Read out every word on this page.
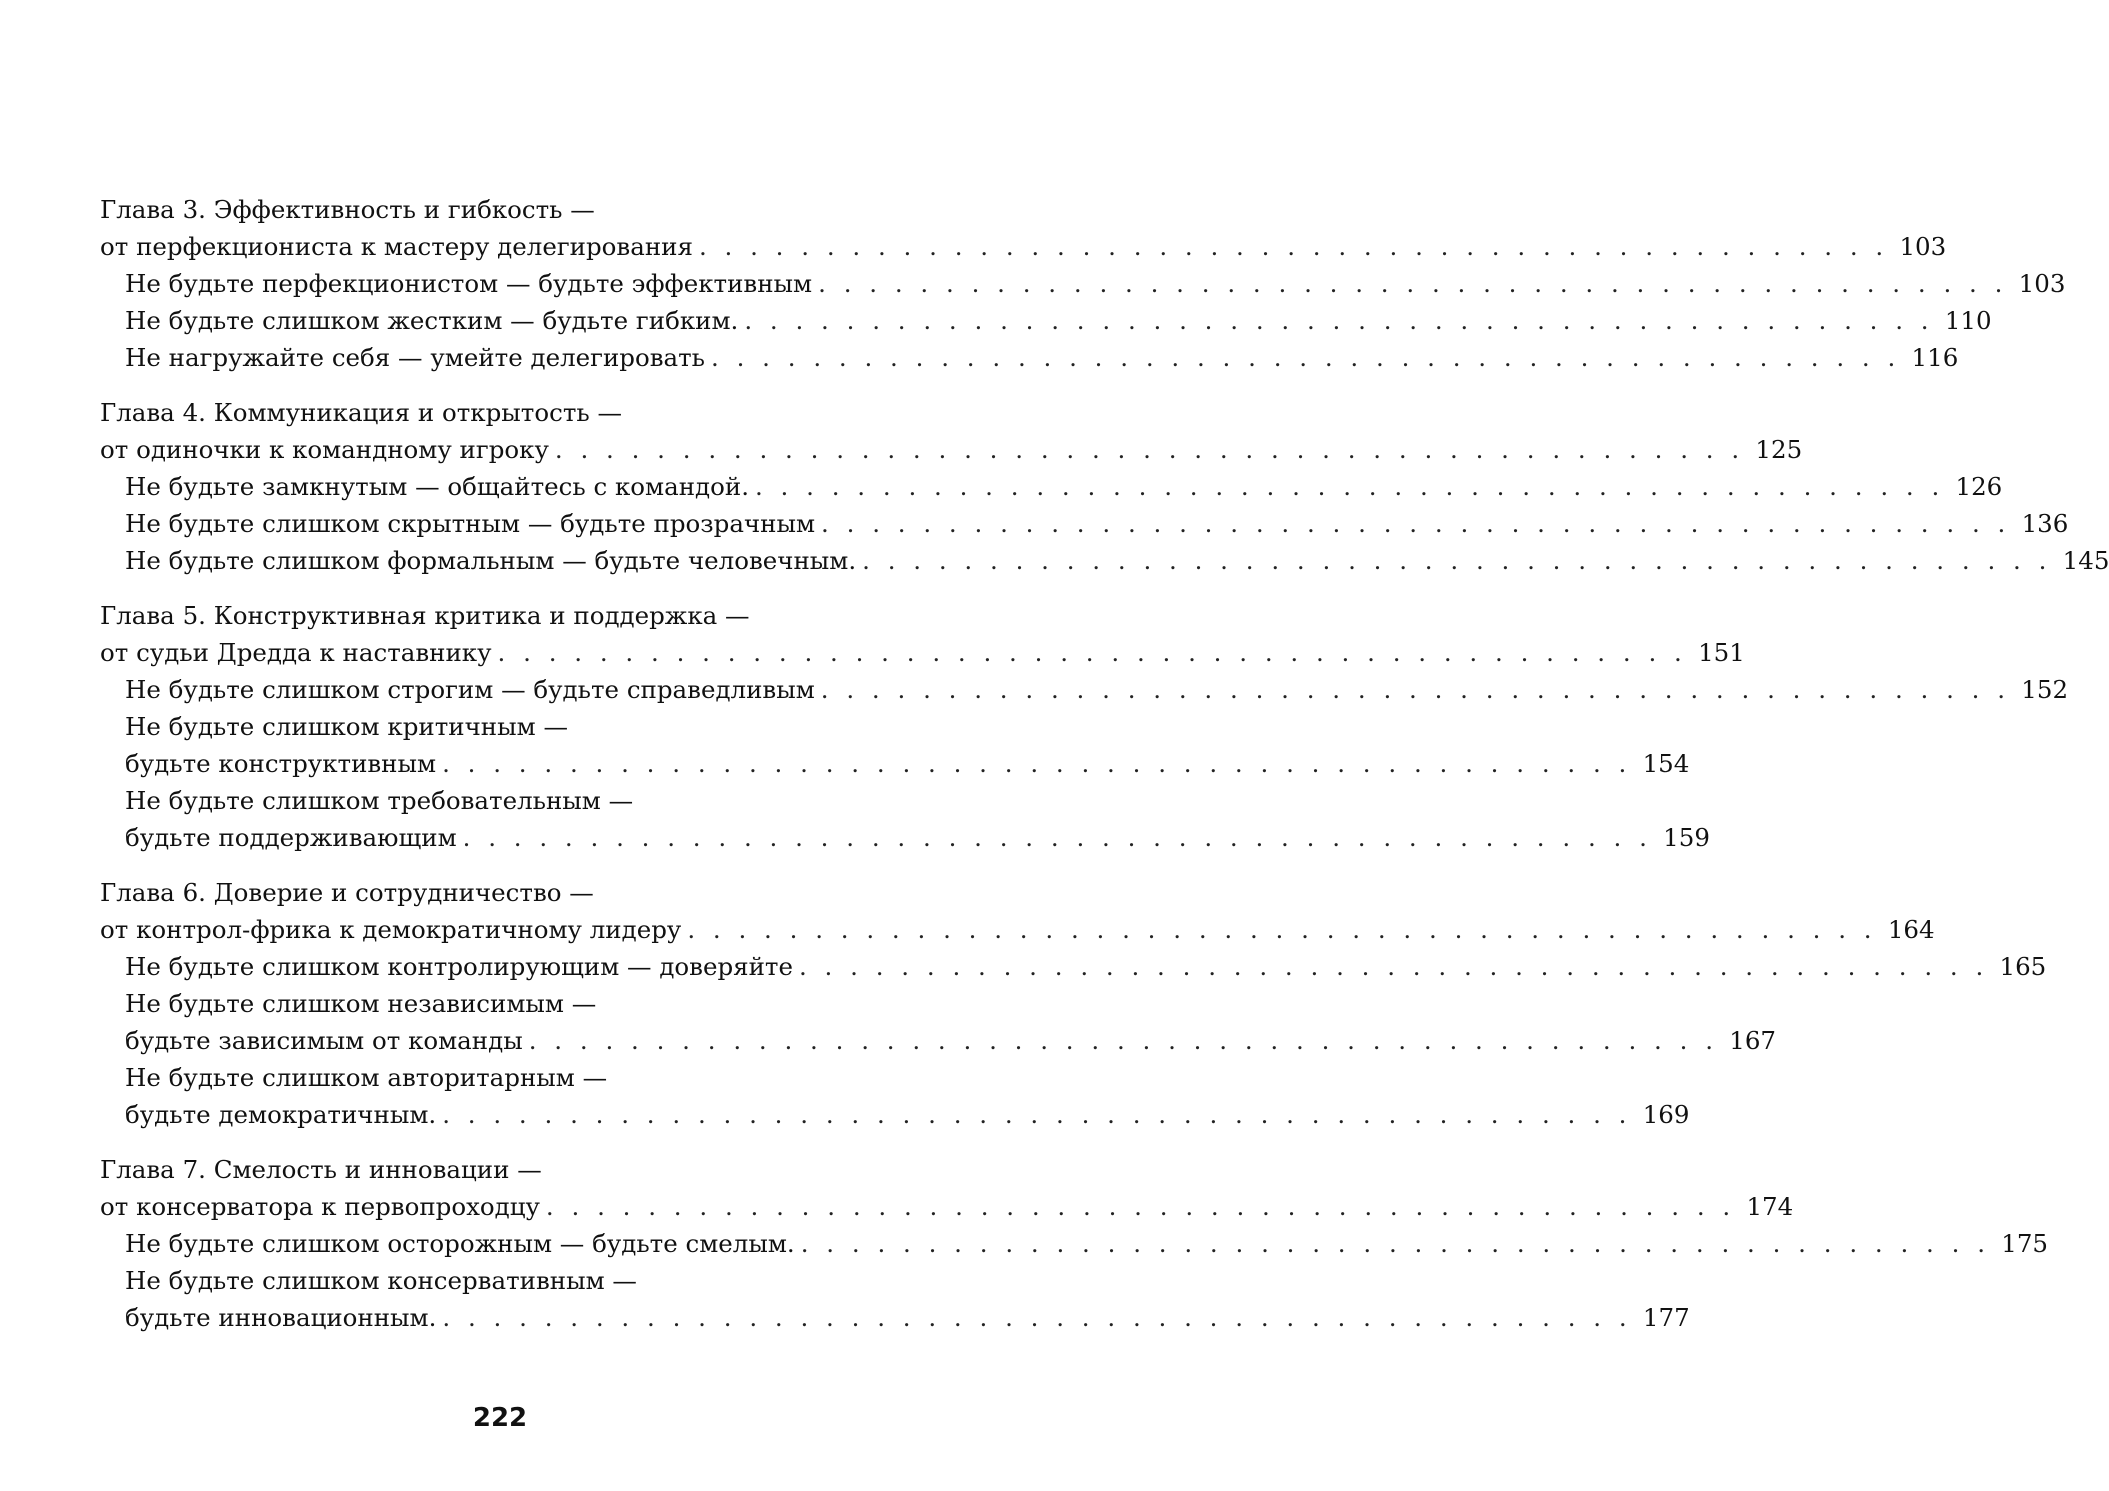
Глава 3. Эффективность и гибкость —
от перфекциониста к мастеру делегирования . . . . . . . . . . . . . . . . . . . . . . . . . . . . . . . . . . . . . . . . . . . . . . . 103
Не будьте перфекционистом — будьте эффективным . . . . . . . . . . . . . . . . . . . . . . . . . . . . . . . . . . . . . . . . . . . . . . . 103
Не будьте слишком жестким — будьте гибким. . . . . . . . . . . . . . . . . . . . . . . . . . . . . . . . . . . . . . . . . . . . . . . . 110
Не нагружайте себя — умейте делегировать . . . . . . . . . . . . . . . . . . . . . . . . . . . . . . . . . . . . . . . . . . . . . . . 116
Глава 4. Коммуникация и открытость —
от одиночки к командному игроку . . . . . . . . . . . . . . . . . . . . . . . . . . . . . . . . . . . . . . . . . . . . . . . 125
Не будьте замкнутым — общайтесь с командой. . . . . . . . . . . . . . . . . . . . . . . . . . . . . . . . . . . . . . . . . . . . . . . . 126
Не будьте слишком скрытным — будьте прозрачным . . . . . . . . . . . . . . . . . . . . . . . . . . . . . . . . . . . . . . . . . . . . . . . 136
Не будьте слишком формальным — будьте человечным. . . . . . . . . . . . . . . . . . . . . . . . . . . . . . . . . . . . . . . . . . . . . . . . 145
Глава 5. Конструктивная критика и поддержка —
от судьи Дредда к наставнику . . . . . . . . . . . . . . . . . . . . . . . . . . . . . . . . . . . . . . . . . . . . . . . 151
Не будьте слишком строгим — будьте справедливым . . . . . . . . . . . . . . . . . . . . . . . . . . . . . . . . . . . . . . . . . . . . . . . 152
Не будьте слишком критичным —
будьте конструктивным . . . . . . . . . . . . . . . . . . . . . . . . . . . . . . . . . . . . . . . . . . . . . . . 154
Не будьте слишком требовательным —
будьте поддерживающим . . . . . . . . . . . . . . . . . . . . . . . . . . . . . . . . . . . . . . . . . . . . . . . 159
Глава 6. Доверие и сотрудничество —
от контрол-фрика к демократичному лидеру . . . . . . . . . . . . . . . . . . . . . . . . . . . . . . . . . . . . . . . . . . . . . . . 164
Не будьте слишком контролирующим — доверяйте . . . . . . . . . . . . . . . . . . . . . . . . . . . . . . . . . . . . . . . . . . . . . . . 165
Не будьте слишком независимым —
будьте зависимым от команды . . . . . . . . . . . . . . . . . . . . . . . . . . . . . . . . . . . . . . . . . . . . . . . 167
Не будьте слишком авторитарным —
будьте демократичным. . . . . . . . . . . . . . . . . . . . . . . . . . . . . . . . . . . . . . . . . . . . . . . . 169
Глава 7. Смелость и инновации —
от консерватора к первопроходцу . . . . . . . . . . . . . . . . . . . . . . . . . . . . . . . . . . . . . . . . . . . . . . . 174
Не будьте слишком осторожным — будьте смелым. . . . . . . . . . . . . . . . . . . . . . . . . . . . . . . . . . . . . . . . . . . . . . . . 175
Не будьте слишком консервативным —
будьте инновационным. . . . . . . . . . . . . . . . . . . . . . . . . . . . . . . . . . . . . . . . . . . . . . . . 177
222
